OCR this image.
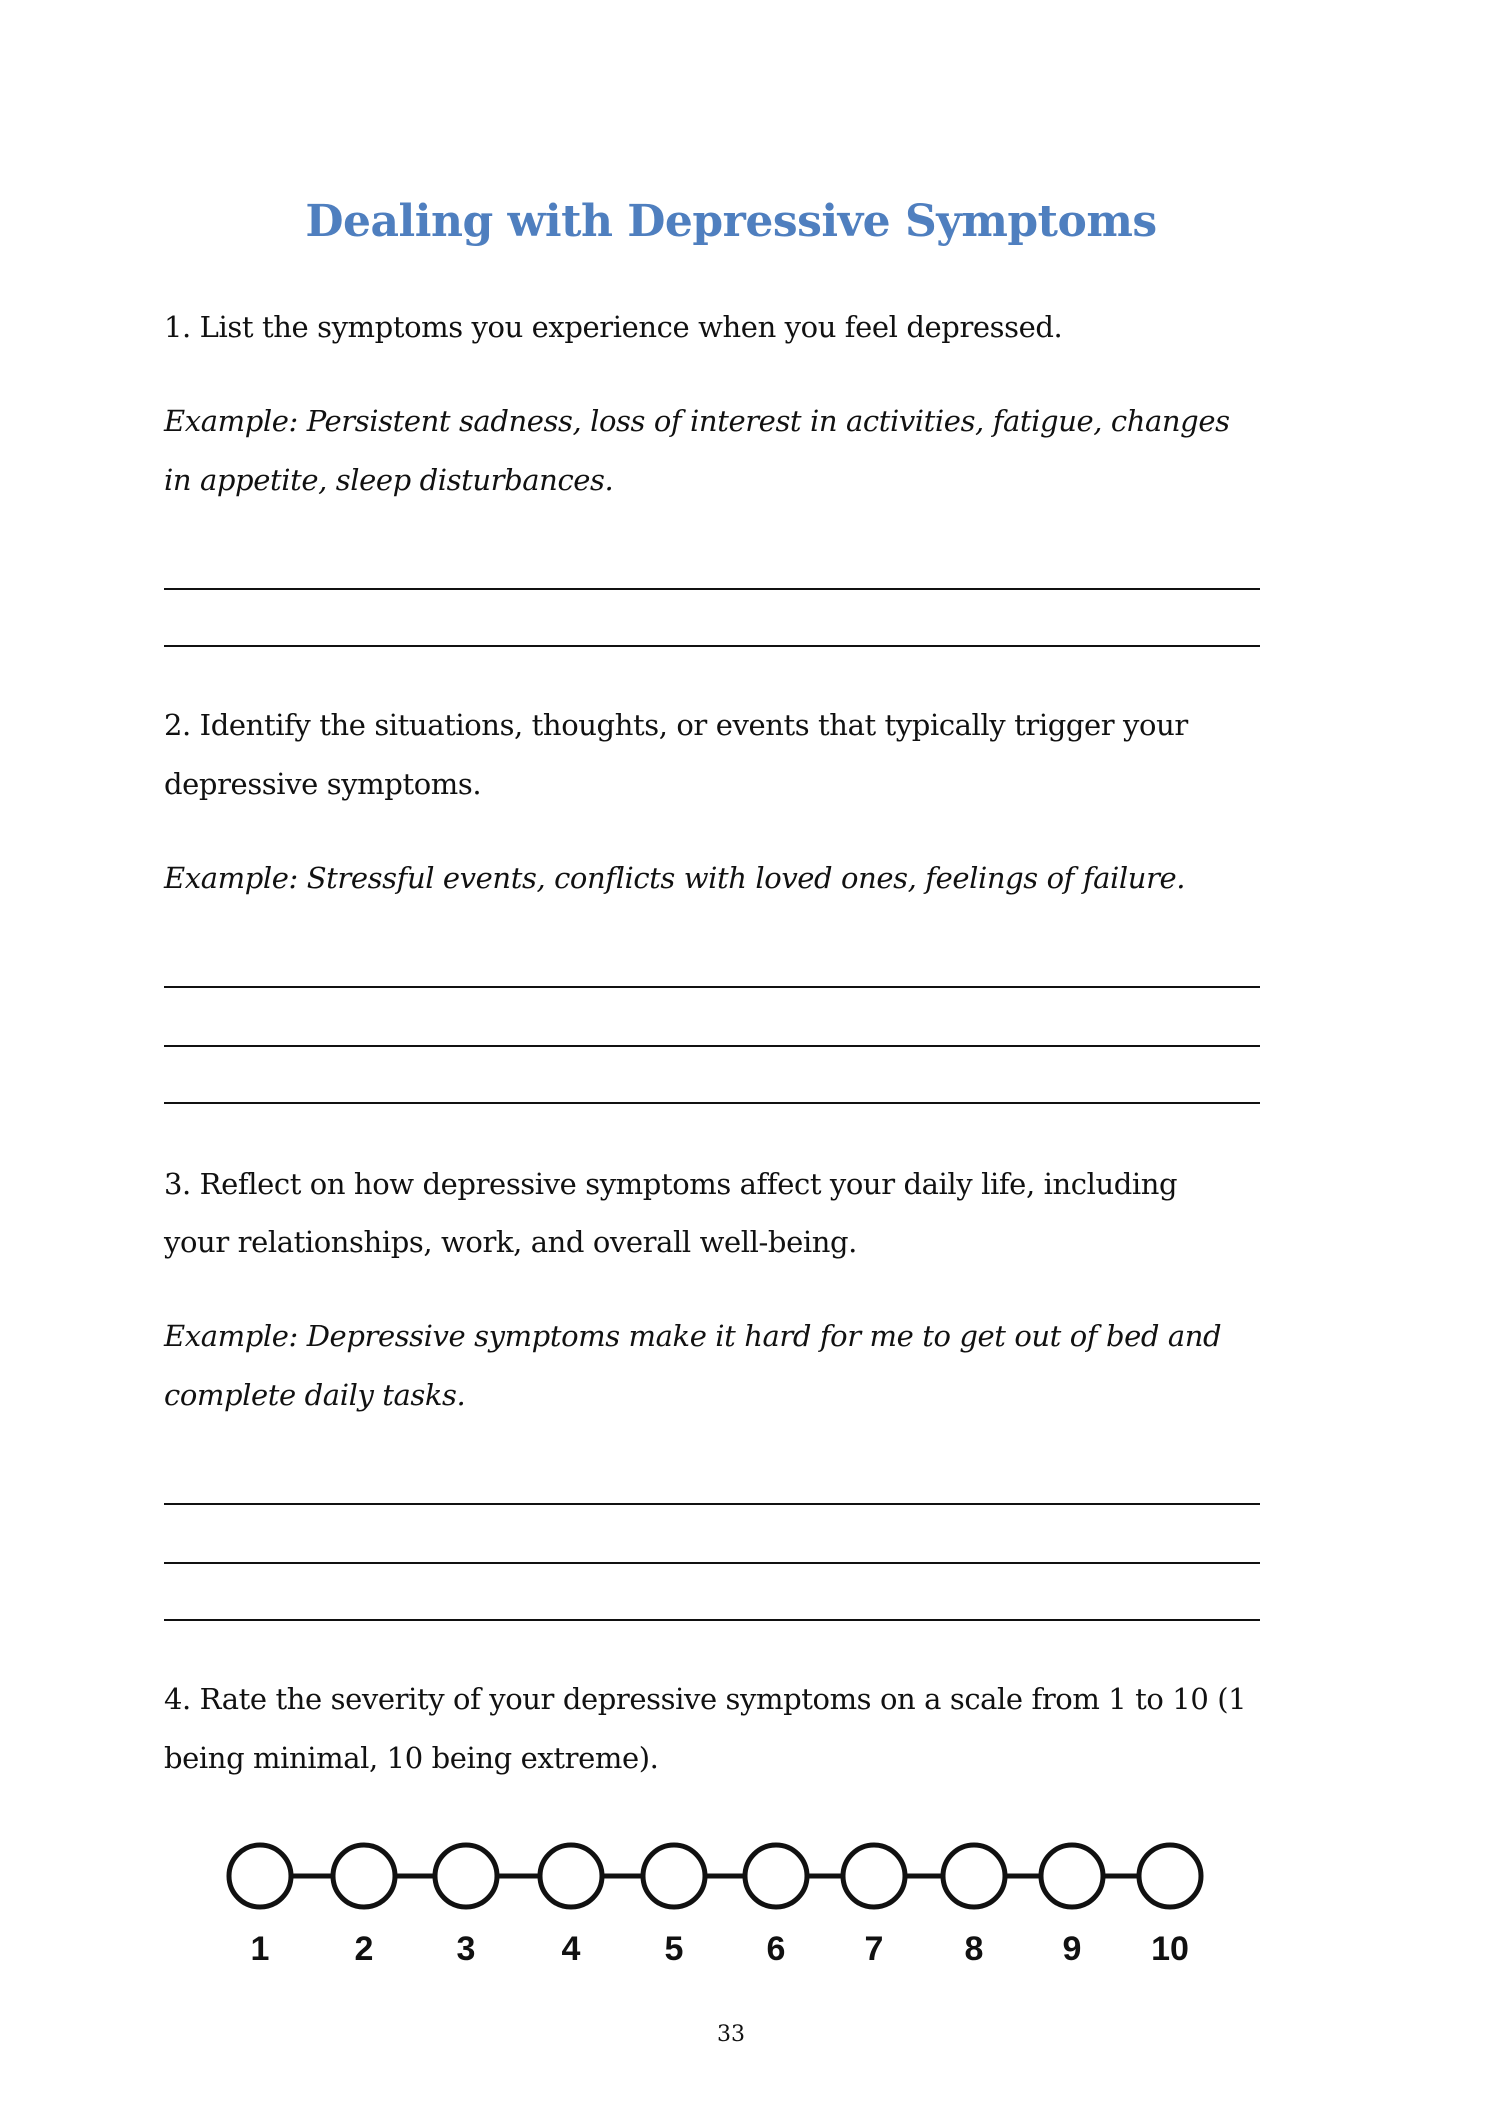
Dealing with Depressive Symptoms
1. List the symptoms you experience when you feel depressed.
Example: Persistent sadness, loss of interest in activities, fatigue, changes
in appetite, sleep disturbances.
2. Identify the situations, thoughts, or events that typically trigger your
depressive symptoms.
Example: Stressful events, conflicts with loved ones, feelings of failure.
3. Reflect on how depressive symptoms affect your daily life, including
your relationships, work, and overall well-being.
Example: Depressive symptoms make it hard for me to get out of bed and
complete daily tasks.
4. Rate the severity of your depressive symptoms on a scale from 1 to 10 (1
being minimal, 10 being extreme).
1	2	3	4	5	6	7	8	9	10
33
